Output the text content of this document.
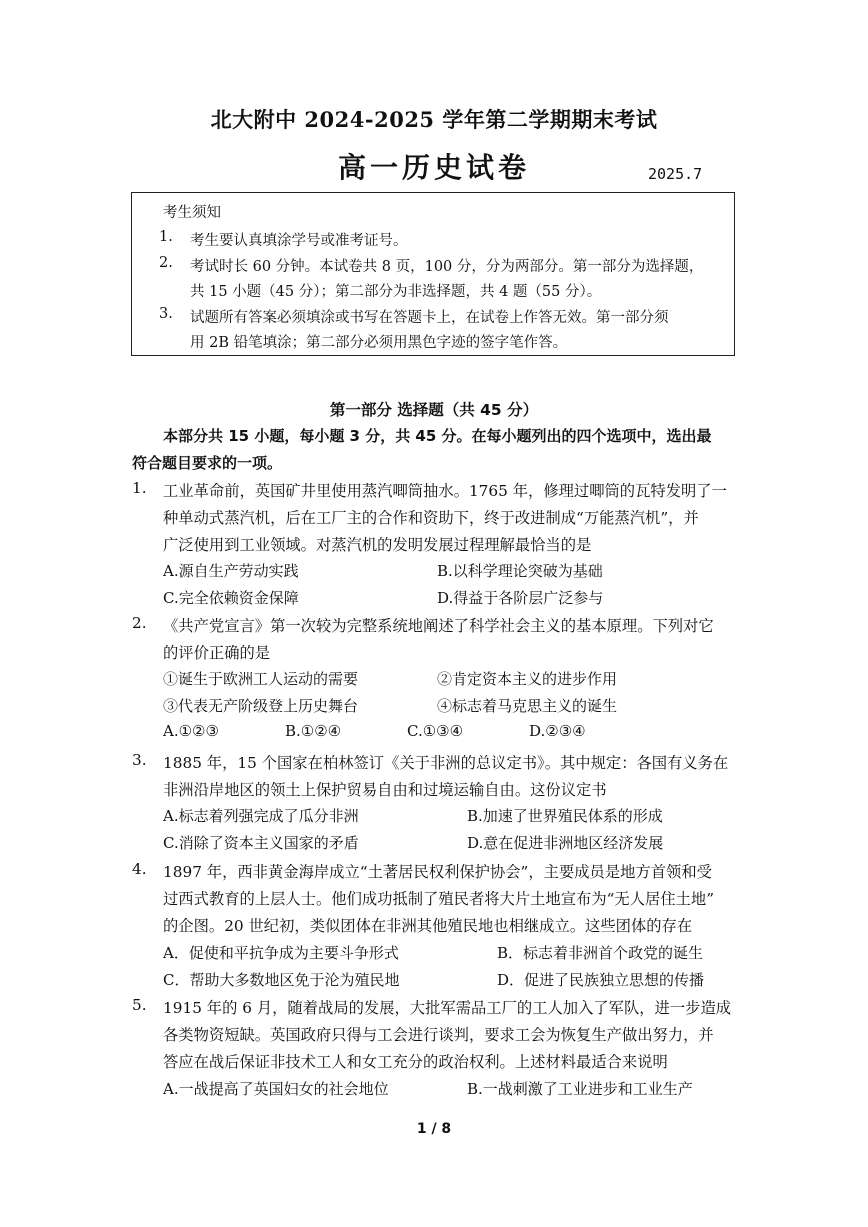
北大附中 2024-2025 学年第二学期期末考试
高一历史试卷	2025.7
考生须知
1. 考生要认真填涂学号或准考证号。
2. 考试时长 60 分钟。本试卷共 8 页，100 分，分为两部分。第一部分为选择题，
共 15 小题（45 分）；第二部分为非选择题，共 4 题（55 分）。
3. 试题所有答案必须填涂或书写在答题卡上，在试卷上作答无效。第一部分须
用 2B 铅笔填涂；第二部分必须用黑色字迹的签字笔作答。
第一部分 选择题（共 45 分）
本部分共 15 小题，每小题 3 分，共 45 分。在每小题列出的四个选项中，选出最
符合题目要求的一项。
1. 工业革命前，英国矿井里使用蒸汽唧筒抽水。1765 年，修理过唧筒的瓦特发明了一
种单动式蒸汽机，后在工厂主的合作和资助下，终于改进制成“万能蒸汽机”，并
广泛使用到工业领域。对蒸汽机的发明发展过程理解最恰当的是
A.源自生产劳动实践	B.以科学理论突破为基础
C.完全依赖资金保障	D.得益于各阶层广泛参与
2. 《共产党宣言》第一次较为完整系统地阐述了科学社会主义的基本原理。下列对它
的评价正确的是
①诞生于欧洲工人运动的需要	②肯定资本主义的进步作用
③代表无产阶级登上历史舞台	④标志着马克思主义的诞生
A.①②③	B.①②④	C.①③④	D.②③④
3. 1885 年，15 个国家在柏林签订《关于非洲的总议定书》。其中规定：各国有义务在
非洲沿岸地区的领土上保护贸易自由和过境运输自由。这份议定书
A.标志着列强完成了瓜分非洲	B.加速了世界殖民体系的形成
C.消除了资本主义国家的矛盾	D.意在促进非洲地区经济发展
4. 1897 年，西非黄金海岸成立“土著居民权利保护协会”，主要成员是地方首领和受
过西式教育的上层人士。他们成功抵制了殖民者将大片土地宣布为“无人居住土地”
的企图。20 世纪初，类似团体在非洲其他殖民地也相继成立。这些团体的存在
A．促使和平抗争成为主要斗争形式	B．标志着非洲首个政党的诞生
C．帮助大多数地区免于沦为殖民地	D．促进了民族独立思想的传播
5. 1915 年的 6 月，随着战局的发展，大批军需品工厂的工人加入了军队，进一步造成
各类物资短缺。英国政府只得与工会进行谈判，要求工会为恢复生产做出努力，并
答应在战后保证非技术工人和女工充分的政治权利。上述材料最适合来说明
A.一战提高了英国妇女的社会地位	B.一战刺激了工业进步和工业生产
1 / 8
